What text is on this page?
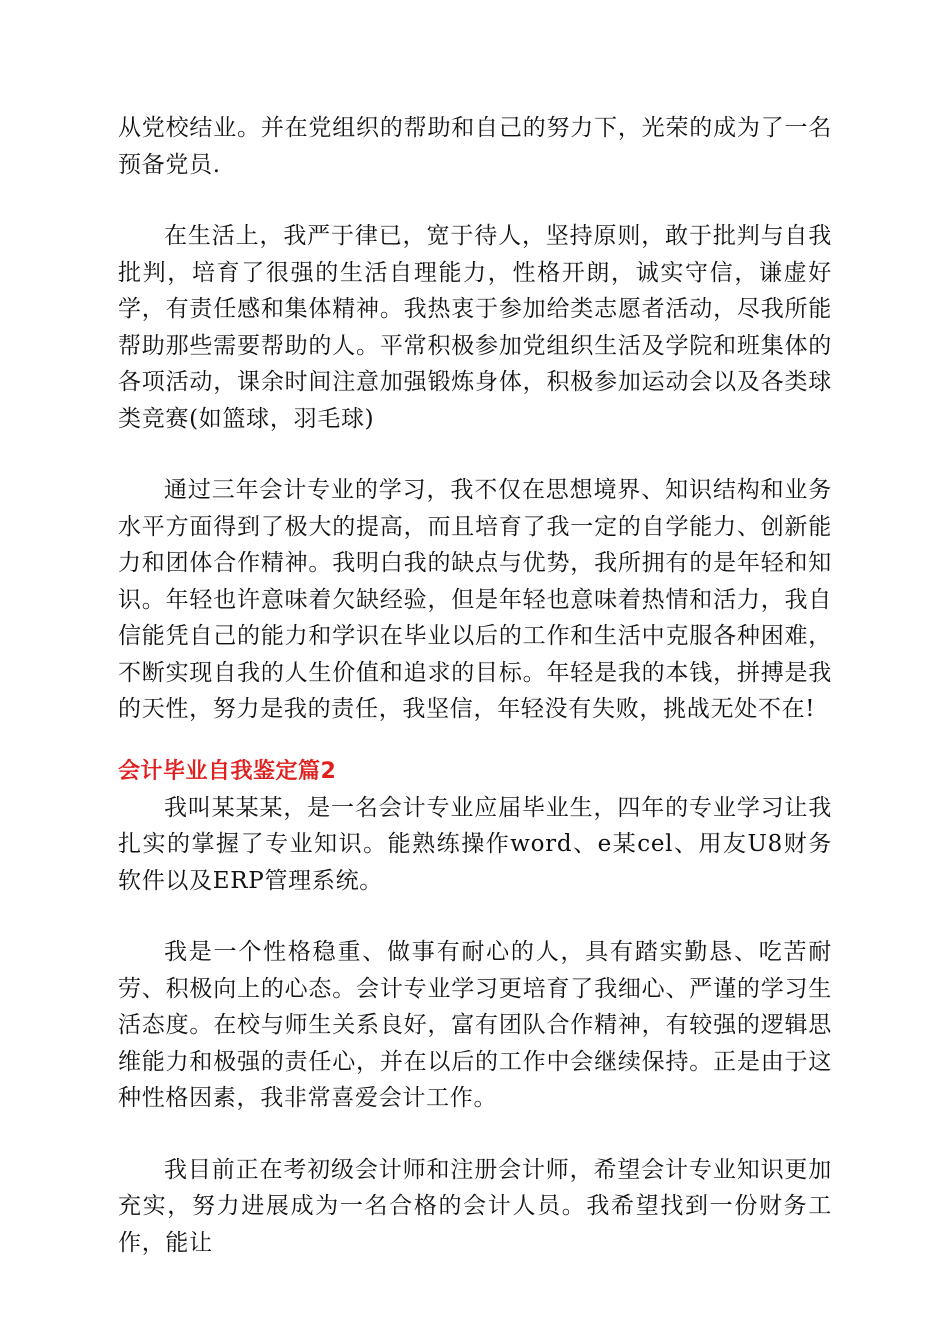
从党校结业。并在党组织的帮助和自己的努力下，光荣的成为了一名预备党员.

在生活上，我严于律已，宽于待人，坚持原则，敢于批判与自我批判，培育了很强的生活自理能力，性格开朗，诚实守信，谦虚好学，有责任感和集体精神。我热衷于参加给类志愿者活动，尽我所能帮助那些需要帮助的人。平常积极参加党组织生活及学院和班集体的各项活动，课余时间注意加强锻炼身体，积极参加运动会以及各类球类竞赛(如篮球，羽毛球)

通过三年会计专业的学习，我不仅在思想境界、知识结构和业务水平方面得到了极大的提高，而且培育了我一定的自学能力、创新能力和团体合作精神。我明白我的缺点与优势，我所拥有的是年轻和知识。年轻也许意味着欠缺经验，但是年轻也意味着热情和活力，我自信能凭自己的能力和学识在毕业以后的工作和生活中克服各种困难，不断实现自我的人生价值和追求的目标。年轻是我的本钱，拼搏是我的天性，努力是我的责任，我坚信，年轻没有失败，挑战无处不在!

会计毕业自我鉴定篇2

我叫某某某，是一名会计专业应届毕业生，四年的专业学习让我扎实的掌握了专业知识。能熟练操作word、e某cel、用友U8财务软件以及ERP管理系统。

我是一个性格稳重、做事有耐心的人，具有踏实勤恳、吃苦耐劳、积极向上的心态。会计专业学习更培育了我细心、严谨的学习生活态度。在校与师生关系良好，富有团队合作精神，有较强的逻辑思维能力和极强的责任心，并在以后的工作中会继续保持。正是由于这种性格因素，我非常喜爱会计工作。

我目前正在考初级会计师和注册会计师，希望会计专业知识更加充实，努力进展成为一名合格的会计人员。我希望找到一份财务工作，能让
